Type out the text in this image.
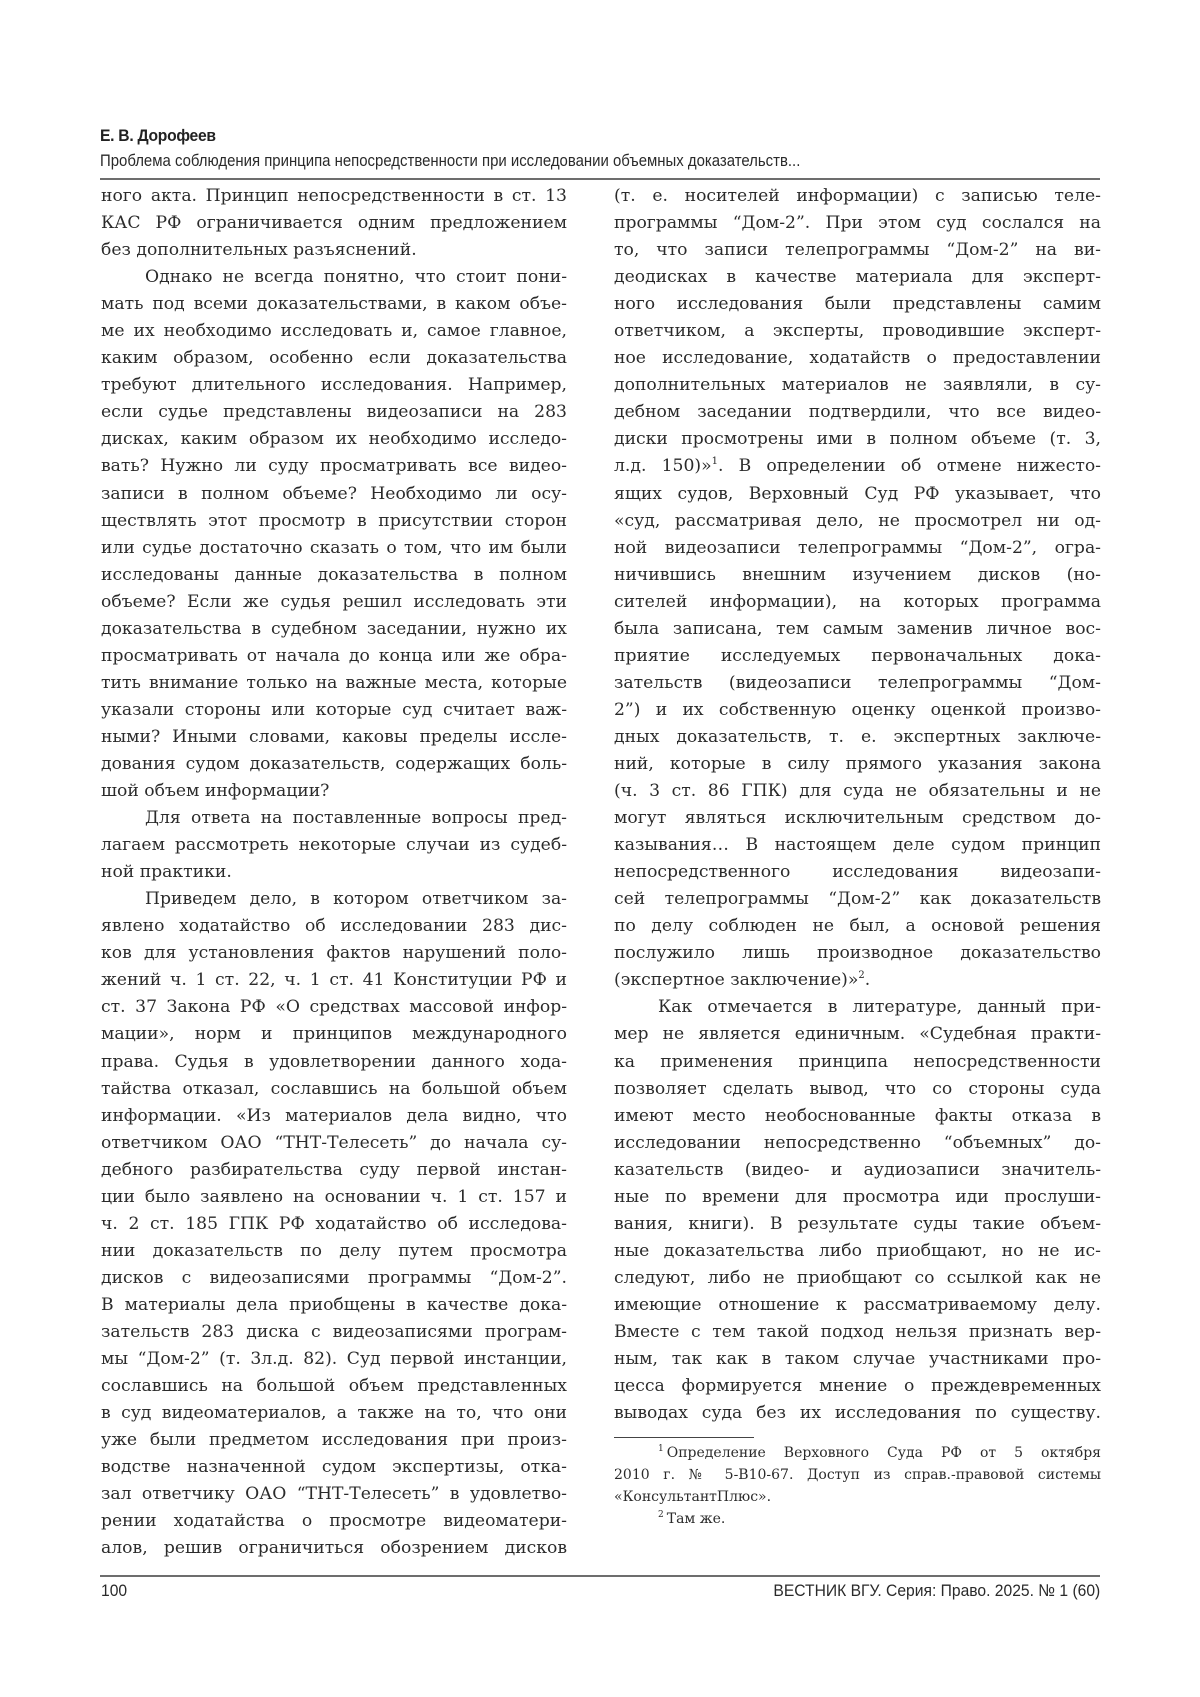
Е. В. Дорофеев
Проблема соблюдения принципа непосредственности при исследовании объемных доказательств...
ного акта. Принцип непосредственности в ст. 13
КАС РФ ограничивается одним предложением
без дополнительных разъяснений.
Однако не всегда понятно, что стоит пони-
мать под всеми доказательствами, в каком объе-
ме их необходимо исследовать и, самое главное,
каким образом, особенно если доказательства
требуют длительного исследования. Например,
если судье представлены видеозаписи на 283
дисках, каким образом их необходимо исследо-
вать? Нужно ли суду просматривать все видео-
записи в полном объеме? Необходимо ли осу-
ществлять этот просмотр в присутствии сторон
или судье достаточно сказать о том, что им были
исследованы данные доказательства в полном
объеме? Если же судья решил исследовать эти
доказательства в судебном заседании, нужно их
просматривать от начала до конца или же обра-
тить внимание только на важные места, которые
указали стороны или которые суд считает важ-
ными? Иными словами, каковы пределы иссле-
дования судом доказательств, содержащих боль-
шой объем информации?
Для ответа на поставленные вопросы пред-
лагаем рассмотреть некоторые случаи из судеб-
ной практики.
Приведем дело, в котором ответчиком за-
явлено ходатайство об исследовании 283 дис-
ков для установления фактов нарушений поло-
жений ч. 1 ст. 22, ч. 1 ст. 41 Конституции РФ и
ст. 37 Закона РФ «О средствах массовой инфор-
мации», норм и принципов международного
права. Судья в удовлетворении данного хода-
тайства отказал, сославшись на большой объем
информации. «Из материалов дела видно, что
ответчиком ОАО “ТНТ-Телесеть” до начала су-
дебного разбирательства суду первой инстан-
ции было заявлено на основании ч. 1 ст. 157 и
ч. 2 ст. 185 ГПК РФ ходатайство об исследова-
нии доказательств по делу путем просмотра
дисков с видеозаписями программы “Дом-2”.
В материалы дела приобщены в качестве дока-
зательств 283 диска с видеозаписями програм-
мы “Дом-2” (т. 3л.д. 82). Суд первой инстанции,
сославшись на большой объем представленных
в суд видеоматериалов, а также на то, что они
уже были предметом исследования при произ-
водстве назначенной судом экспертизы, отка-
зал ответчику ОАО “ТНТ-Телесеть” в удовлетво-
рении ходатайства о просмотре видеоматери-
алов, решив ограничиться обозрением дисков
(т. е. носителей информации) с записью теле-
программы “Дом-2”. При этом суд сослался на
то, что записи телепрограммы “Дом-2” на ви-
деодисках в качестве материала для эксперт-
ного исследования были представлены самим
ответчиком, а эксперты, проводившие эксперт-
ное исследование, ходатайств о предоставлении
дополнительных материалов не заявляли, в су-
дебном заседании подтвердили, что все видео-
диски просмотрены ими в полном объеме (т. 3,
л.д. 150)»$^1$. В определении об отмене нижесто-
ящих судов, Верховный Суд РФ указывает, что
«суд, рассматривая дело, не просмотрел ни од-
ной видеозаписи телепрограммы “Дом-2”, огра-
ничившись внешним изучением дисков (но-
сителей информации), на которых программа
была записана, тем самым заменив личное вос-
приятие исследуемых первоначальных дока-
зательств (видеозаписи телепрограммы “Дом-
2”) и их собственную оценку оценкой произво-
дных доказательств, т. е. экспертных заключе-
ний, которые в силу прямого указания закона
(ч. 3 ст. 86 ГПК) для суда не обязательны и не
могут являться исключительным средством до-
казывания… В настоящем деле судом принцип
непосредственного исследования видеозапи-
сей телепрограммы “Дом-2” как доказательств
по делу соблюден не был, а основой решения
послужило лишь производное доказательство
(экспертное заключение)»$^2$.
Как отмечается в литературе, данный при-
мер не является единичным. «Судебная практи-
ка применения принципа непосредственности
позволяет сделать вывод, что со стороны суда
имеют место необоснованные факты отказа в
исследовании непосредственно “объемных” до-
казательств (видео- и аудиозаписи значитель-
ные по времени для просмотра иди прослуши-
вания, книги). В результате суды такие объем-
ные доказательства либо приобщают, но не ис-
следуют, либо не приобщают со ссылкой как не
имеющие отношение к рассматриваемому делу.
Вместе с тем такой подход нельзя признать вер-
ным, так как в таком случае участниками про-
цесса формируется мнение о преждевременных
выводах суда без их исследования по существу.
$^1$ Определение Верховного Суда РФ от 5 октября
2010 г. № 5-В10-67. Доступ из справ.-правовой системы
«КонсультантПлюс».
$^2$ Там же.
100	ВЕСТНИК ВГУ. Серия: Право. 2025. № 1 (60)
